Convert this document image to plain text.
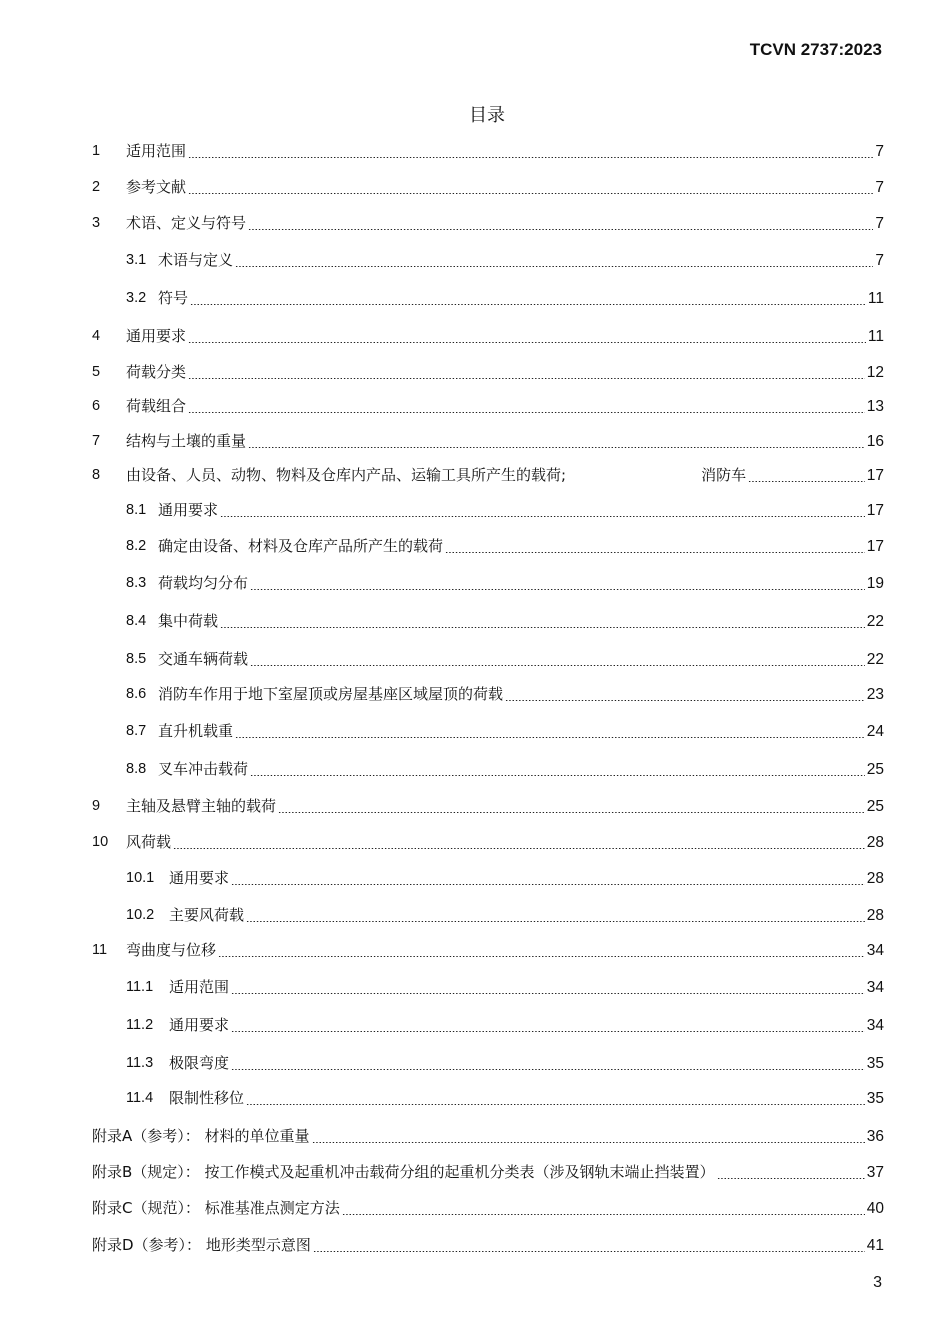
TCVN 2737:2023
目录
1 适用范围	7
2 参考文献	7
3 术语、定义与符号	7
3.1 术语与定义	7
3.2 符号	11
4 通用要求	11
5 荷载分类	12
6 荷载组合	13
7 结构与土壤的重量	16
8 由设备、人员、动物、物料及仓库内产品、运输工具所产生的载荷;	消防车	17
8.1 通用要求	17
8.2 确定由设备、材料及仓库产品所产生的载荷	17
8.3 荷载均匀分布	19
8.4 集中荷载	22
8.5 交通车辆荷载	22
8.6 消防车作用于地下室屋顶或房屋基座区域屋顶的荷载	23
8.7 直升机载重	24
8.8 叉车冲击载荷	25
9 主轴及悬臂主轴的载荷	25
10 风荷载	28
10.1 通用要求	28
10.2 主要风荷载	28
11 弯曲度与位移	34
11.1 适用范围	34
11.2 通用要求	34
11.3 极限弯度	35
11.4 限制性移位	35
附录A（参考）： 材料的单位重量	36
附录B（规定）： 按工作模式及起重机冲击载荷分组的起重机分类表（涉及钢轨末端止挡装置）	37
附录C（规范）： 标准基准点测定方法	40
附录D（参考）： 地形类型示意图	41
3
